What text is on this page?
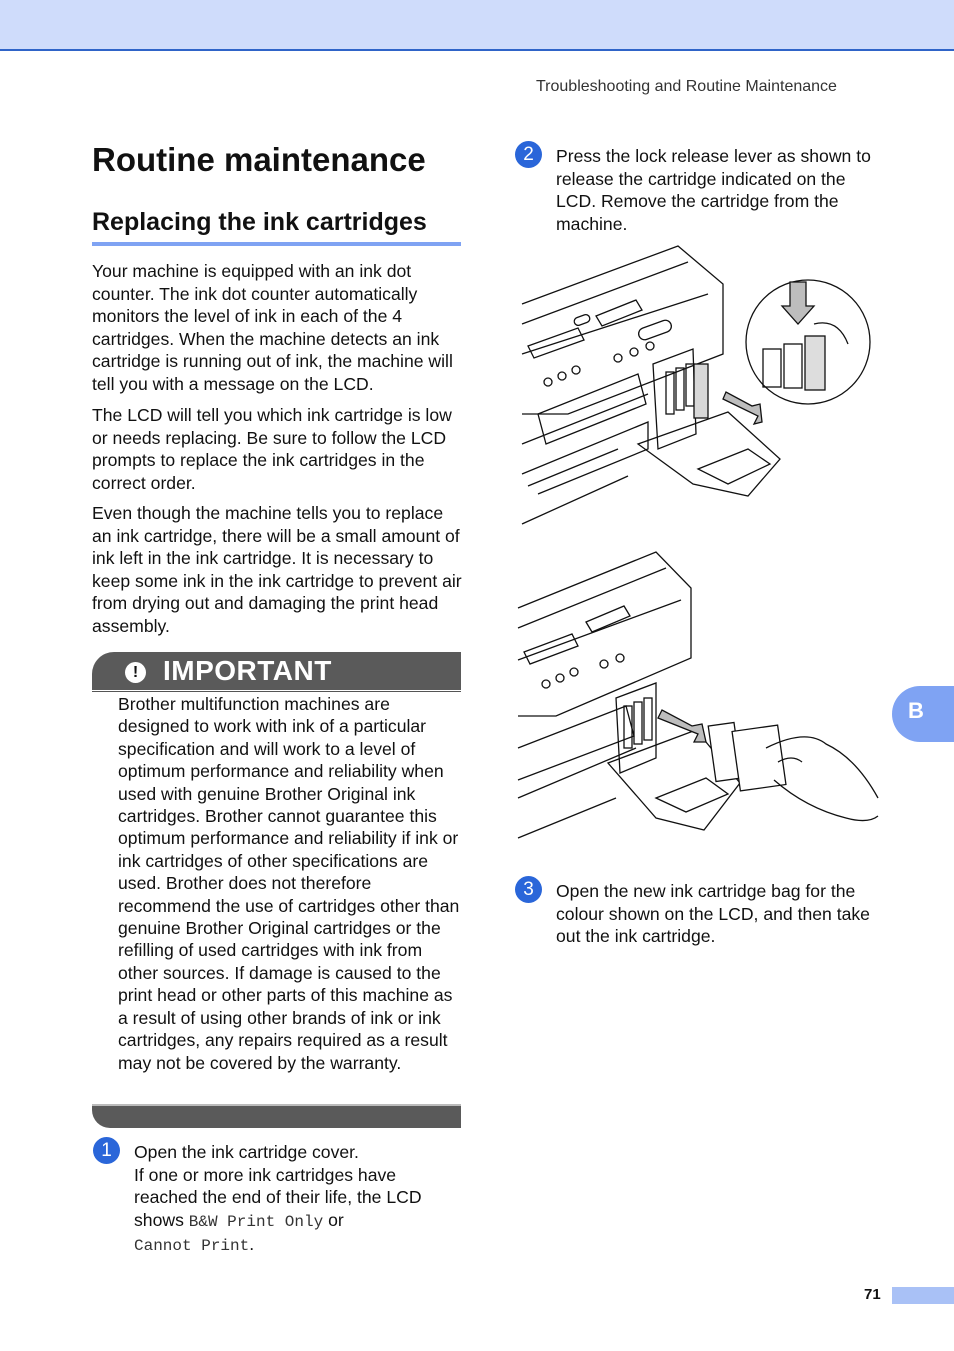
Troubleshooting and Routine Maintenance
Routine maintenance
Replacing the ink cartridges

Your machine is equipped with an ink dot counter. The ink dot counter automatically monitors the level of ink in each of the 4 cartridges. When the machine detects an ink cartridge is running out of ink, the machine will tell you with a message on the LCD.

The LCD will tell you which ink cartridge is low or needs replacing. Be sure to follow the LCD prompts to replace the ink cartridges in the correct order.

Even though the machine tells you to replace an ink cartridge, there will be a small amount of ink left in the ink cartridge. It is necessary to keep some ink in the ink cartridge to prevent air from drying out and damaging the print head assembly.

! IMPORTANT

Brother multifunction machines are designed to work with ink of a particular specification and will work to a level of optimum performance and reliability when used with genuine Brother Original ink cartridges. Brother cannot guarantee this optimum performance and reliability if ink or ink cartridges of other specifications are used. Brother does not therefore recommend the use of cartridges other than genuine Brother Original cartridges or the refilling of used cartridges with ink from other sources. If damage is caused to the print head or other parts of this machine as a result of using other brands of ink or ink cartridges, any repairs required as a result may not be covered by the warranty.

1	Open the ink cartridge cover.
If one or more ink cartridges have reached the end of their life, the LCD shows B&W Print Only or
Cannot Print.

2	Press the lock release lever as shown to release the cartridge indicated on the LCD. Remove the cartridge from the machine.

3	Open the new ink cartridge bag for the colour shown on the LCD, and then take out the ink cartridge.

B
71
